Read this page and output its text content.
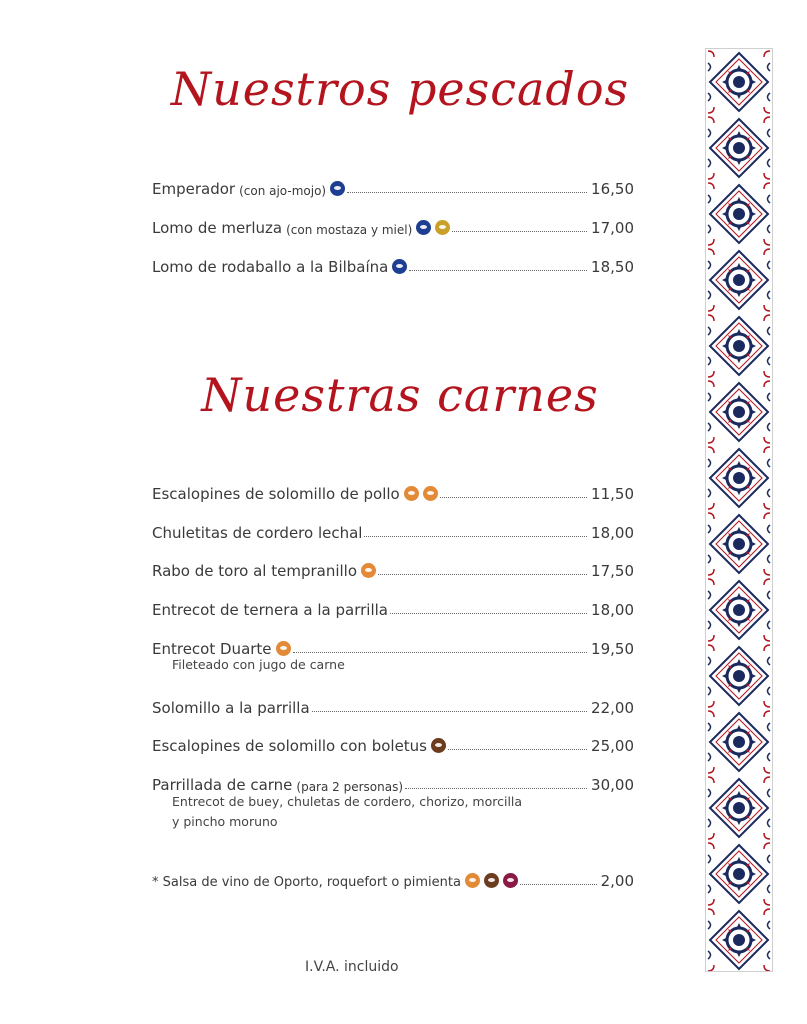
Nuestros pescados
Emperador (con ajo-mojo)	16,50
Lomo de merluza (con mostaza y miel)	17,00
Lomo de rodaballo a la Bilbaína	18,50
Nuestras carnes
Escalopines de solomillo de pollo	11,50
Chuletitas de cordero lechal	18,00
Rabo de toro al tempranillo	17,50
Entrecot de ternera a la parrilla	18,00
Entrecot Duarte	19,50
Fileteado con jugo de carne
Solomillo a la parrilla	22,00
Escalopines de solomillo con boletus	25,00
Parrillada de carne (para 2 personas)	30,00
Entrecot de buey, chuletas de cordero, chorizo, morcilla
y pincho moruno
* Salsa de vino de Oporto, roquefort o pimienta	2,00
I.V.A. incluido
